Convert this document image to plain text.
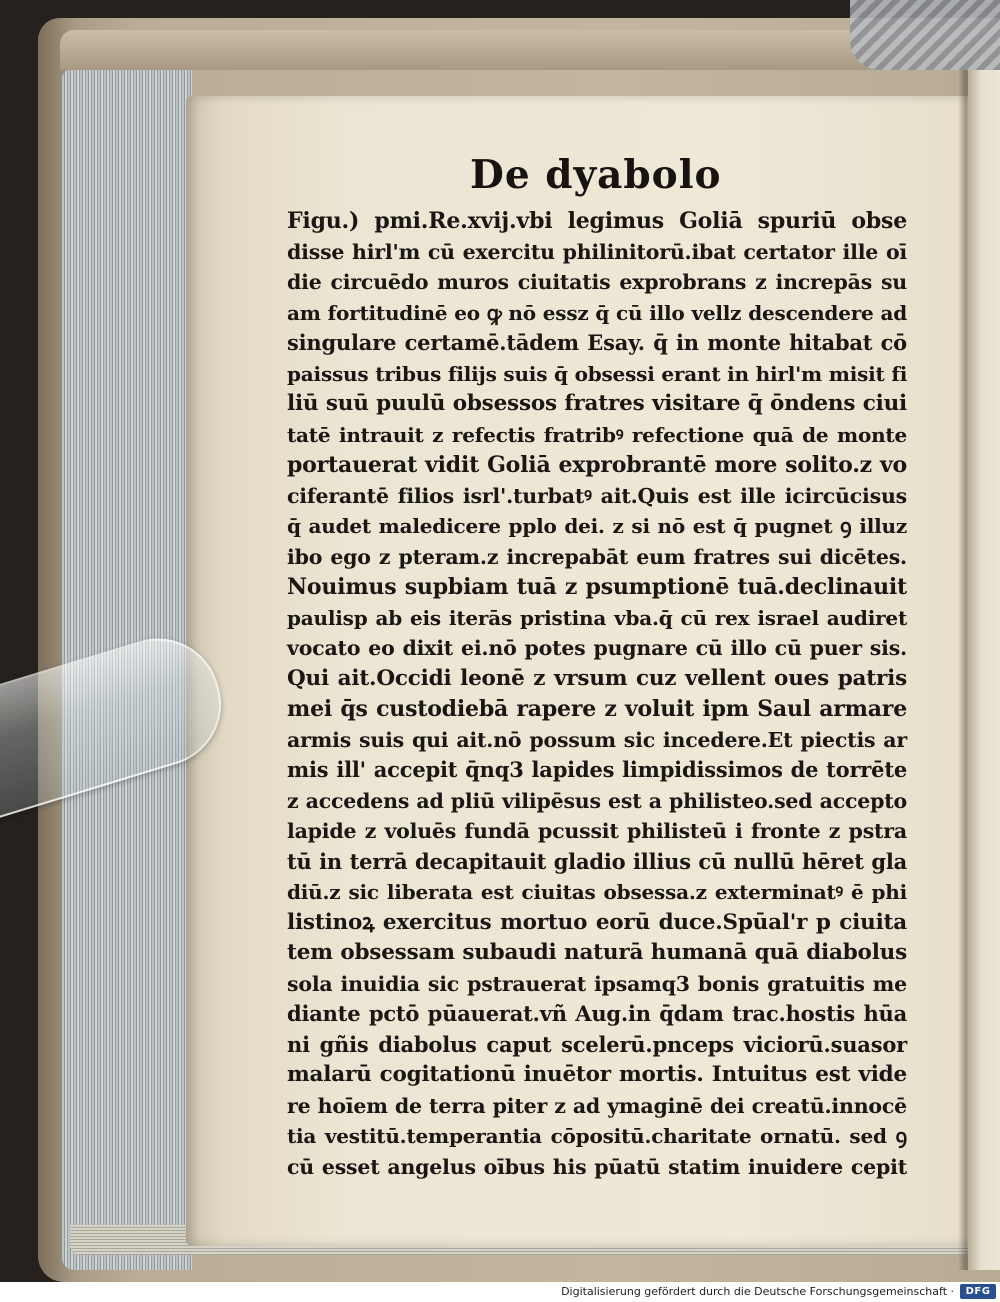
De dyabolo
Figu.) pmi.Re.xvij.vbi legimus Goliā spuriū obse
disse hirl'm cū exercitu philinitorū.ibat certator ille oī
die circuēdo muros ciuitatis exprobrans z increpās su
am fortitudinē eo ꝙ nō essz q̄ cū illo vellz descendere ad
singulare certamē.tādem Esay. q̄ in monte hitabat cō
paissus tribus filijs suis q̄ obsessi erant in hirl'm misit fi
liū suū puulū obsessos fratres visitare q̄ ōndens ciui
tatē intrauit z refectis fratribꝰ refectione quā de monte
portauerat vidit Goliā exprobrantē more solito.z vo
ciferantē filios isrl'.turbatꝰ ait.Quis est ille icircūcisus
q̄ audet maledicere pplo dei. z si nō est q̄ pugnet ꝯ illuz
ibo ego z pteram.z increpabāt eum fratres sui dicētes.
Nouimus supbiam tuā z psumptionē tuā.declinauit
paulisp ab eis iterās pristina vba.q̄ cū rex israel audiret
vocato eo dixit ei.nō potes pugnare cū illo cū puer sis.
Qui ait.Occidi leonē z vrsum cuz vellent oues patris
mei q̄s custodiebā rapere z voluit ipm Saul armare
armis suis qui ait.nō possum sic incedere.Et piectis ar
mis ill' accepit q̄nq3 lapides limpidissimos de torrēte
z accedens ad pliū vilipēsus est a philisteo.sed accepto
lapide z voluēs fundā pcussit philisteū i fronte z pstra
tū in terrā decapitauit gladio illius cū nullū hēret gla
diū.z sic liberata est ciuitas obsessa.z exterminatꝰ ē phi
listinoꝝ exercitus mortuo eorū duce.Spūal'r p ciuita
tem obsessam subaudi naturā humanā quā diabolus
sola inuidia sic pstrauerat ipsamq3 bonis gratuitis me
diante pctō pūauerat.vñ Aug.in q̄dam trac.hostis hūa
ni gñis diabolus caput scelerū.pnceps viciorū.suasor
malarū cogitationū inuētor mortis. Intuitus est vide
re hoīem de terra piter z ad ymaginē dei creatū.innocē
tia vestitū.temperantia cōpositū.charitate ornatū. sed ꝯ
cū esset angelus oībus his pūatū statim inuidere cepit
Digitalisierung gefördert durch die Deutsche Forschungsgemeinschaft ·	DFG
